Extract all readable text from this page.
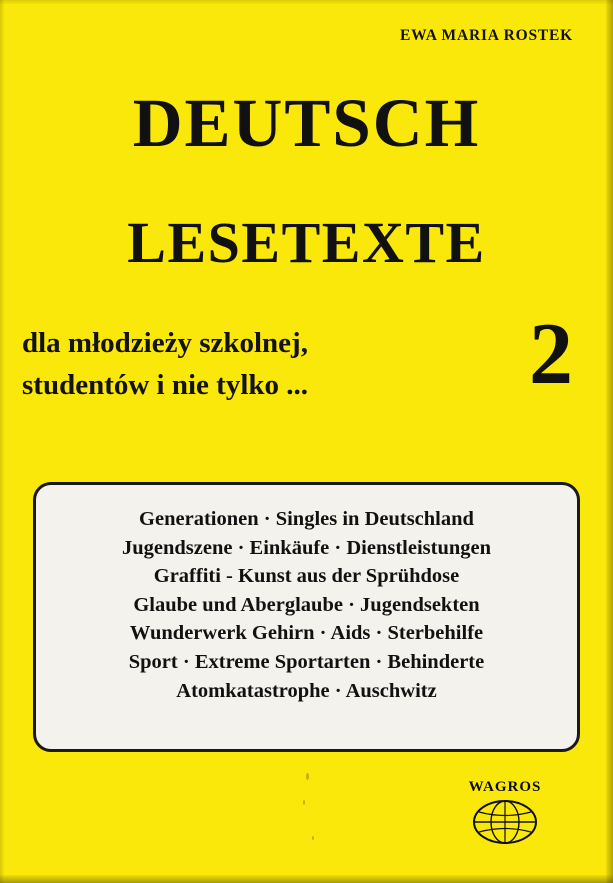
EWA MARIA ROSTEK
DEUTSCH
LESETEXTE
dla młodzieży szkolnej,
studentów i nie tylko ...	2
Generationen · Singles in Deutschland
Jugendszene · Einkäufe · Dienstleistungen
Graffiti - Kunst aus der Sprühdose
Glaube und Aberglaube · Jugendsekten
Wunderwerk Gehirn · Aids · Sterbehilfe
Sport · Extreme Sportarten · Behinderte
Atomkatastrophe · Auschwitz
WAGROS
